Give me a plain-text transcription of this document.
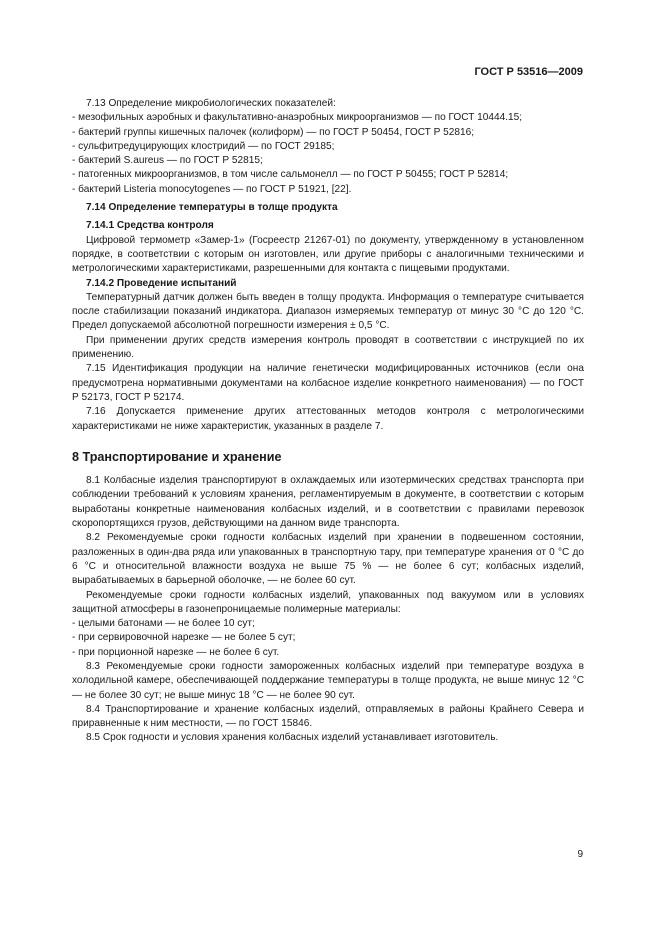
ГОСТ Р 53516—2009

7.13 Определение микробиологических показателей:

- мезофильных аэробных и факультативно-анаэробных микроорганизмов — по ГОСТ 10444.15;

- бактерий группы кишечных палочек (колиформ) — по ГОСТ Р 50454, ГОСТ Р 52816;

- сульфитредуцирующих клостридий — по ГОСТ 29185;

- бактерий S.aureus — по ГОСТ Р 52815;

- патогенных микроорганизмов, в том числе сальмонелл — по ГОСТ Р 50455; ГОСТ Р 52814;

- бактерий Listeria monocytogenes — по ГОСТ Р 51921, [22].

7.14 Определение температуры в толще продукта

7.14.1 Средства контроля

Цифровой термометр «Замер-1» (Госреестр 21267-01) по документу, утвержденному в установленном порядке, в соответствии с которым он изготовлен, или другие приборы с аналогичными техническими и метрологическими характеристиками, разрешенными для контакта с пищевыми продуктами.

7.14.2 Проведение испытаний

Температурный датчик должен быть введен в толщу продукта. Информация о температуре считывается после стабилизации показаний индикатора. Диапазон измеряемых температур от минус 30 °С до 120 °С. Предел допускаемой абсолютной погрешности измерения ± 0,5 °С.

При применении других средств измерения контроль проводят в соответствии с инструкцией по их применению.

7.15 Идентификация продукции на наличие генетически модифицированных источников (если она предусмотрена нормативными документами на колбасное изделие конкретного наименования) — по ГОСТ Р 52173, ГОСТ Р 52174.

7.16 Допускается применение других аттестованных методов контроля с метрологическими характеристиками не ниже характеристик, указанных в разделе 7.

8 Транспортирование и хранение

8.1 Колбасные изделия транспортируют в охлаждаемых или изотермических средствах транспорта при соблюдении требований к условиям хранения, регламентируемым в документе, в соответствии с которым выработаны конкретные наименования колбасных изделий, и в соответствии с правилами перевозок скоропортящихся грузов, действующими на данном виде транспорта.

8.2 Рекомендуемые сроки годности колбасных изделий при хранении в подвешенном состоянии, разложенных в один-два ряда или упакованных в транспортную тару, при температуре хранения от 0 °С до 6 °С и относительной влажности воздуха не выше 75 % — не более 6 сут; колбасных изделий, вырабатываемых в барьерной оболочке, — не более 60 сут.

Рекомендуемые сроки годности колбасных изделий, упакованных под вакуумом или в условиях защитной атмосферы в газонепроницаемые полимерные материалы:

- целыми батонами — не более 10 сут;

- при сервировочной нарезке — не более 5 сут;

- при порционной нарезке — не более 6 сут.

8.3 Рекомендуемые сроки годности замороженных колбасных изделий при температуре воздуха в холодильной камере, обеспечивающей поддержание температуры в толще продукта, не выше минус 12 °С — не более 30 сут; не выше минус 18 °С — не более 90 сут.

8.4 Транспортирование и хранение колбасных изделий, отправляемых в районы Крайнего Севера и приравненные к ним местности, — по ГОСТ 15846.

8.5 Срок годности и условия хранения колбасных изделий устанавливает изготовитель.

9
